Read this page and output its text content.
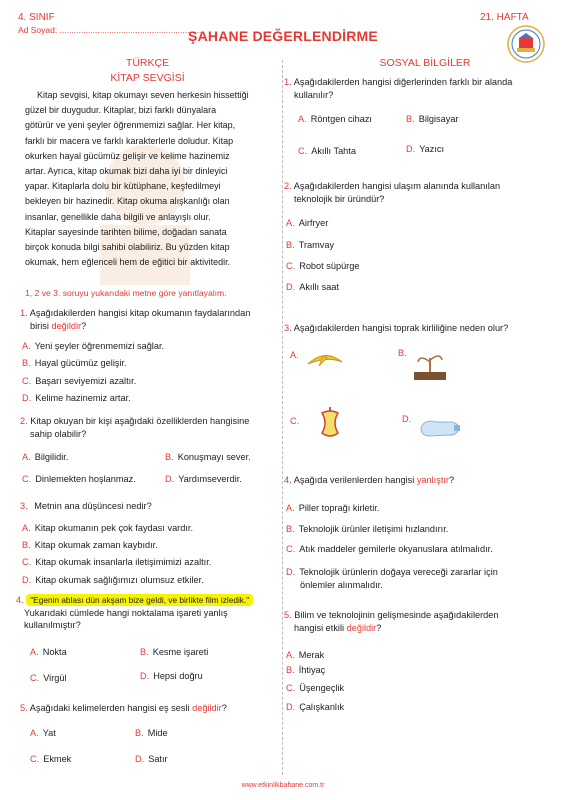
4. SINIF
Ad Soyad: .............................................................
ŞAHANE DEĞERLENDİRME
21. HAFTA
TÜRKÇE
KİTAP SEVGİSİ
Kitap sevgisi, kitap okumayı seven herkesin hissettiği
güzel bir duygudur. Kitaplar, bizi farklı dünyalara
götürür ve yeni şeyler öğrenmemizi sağlar. Her kitap,
farklı bir macera ve farklı karakterlerle doludur. Kitap
okurken hayal gücümüz gelişir ve kelime hazinemiz
artar. Ayrıca, kitap okumak bizi daha iyi bir dinleyici
yapar. Kitaplarla dolu bir kütüphane, keşfedilmeyi
bekleyen bir hazinedir. Kitap okuma alışkanlığı olan
insanlar, genellikle daha bilgili ve anlayışlı olur.
Kitaplar sayesinde tarihten bilime, doğadan sanata
birçok konuda bilgi sahibi olabiliriz. Bu yüzden kitap
okumak, hem eğlenceli hem de eğitici bir aktivitedir.
1, 2 ve 3. soruyu yukarıdaki metne göre yanıtlayalım.
1. Aşağıdakilerden hangisi kitap okumanın faydalarından
birisi değildir?
A. Yeni şeyler öğrenmemizi sağlar.
B. Hayal gücümüz gelişir.
C. Başarı seviyemizi azaltır.
D. Kelime hazinemiz artar.
2. Kitap okuyan bir kişi aşağıdaki özelliklerden hangisine
sahip olabilir?
A. Bilgilidir.	B. Konuşmayı sever.
C. Dinlemekten hoşlanmaz.	D. Yardımseverdir.
3. Metnin ana düşüncesi nedir?
A. Kitap okumanın pek çok faydası vardır.
B. Kitap okumak zaman kaybıdır.
C. Kitap okumak insanlarla iletişimimizi azaltır.
D. Kitap okumak sağlığımızı olumsuz etkiler.
4. "Egenin ablası dün akşam bize geldi, ve birlikte film izledik."
Yukarıdaki cümlede hangi noktalama işareti yanlış
kullanılmıştır?
A. Nokta	B. Kesme işareti
C. Virgül	D. Hepsi doğru
5. Aşağıdaki kelimelerden hangisi eş sesli değildir?
A. Yat	B. Mide
C. Ekmek	D. Satır
SOSYAL BİLGİLER
1. Aşağıdakilerden hangisi diğerlerinden farklı bir alanda
kullanılır?
A. Röntgen cihazı	B. Bilgisayar
C. Akıllı Tahta	D. Yazıcı
2. Aşağıdakilerden hangisi ulaşım alanında kullanılan
teknolojik bir üründür?
A. Airfryer
B. Tramvay
C. Robot süpürge
D. Akıllı saat
3. Aşağıdakilerden hangisi toprak kirliliğine neden olur?
A.	B.
C.	D.
4. Aşağıda verilenlerden hangisi yanlıştır?
A. Piller toprağı kirletir.
B. Teknolojik ürünler iletişimi hızlandırır.
C. Atık maddeler gemilerle okyanuslara atılmalıdır.
D. Teknolojik ürünlerin doğaya vereceği zararlar için
önlemler alınmalıdır.
5. Bilim ve teknolojinin gelişmesinde aşağıdakilerden
hangisi etkili değildir?
A. Merak
B. İhtiyaç
C. Üşengeçlik
D. Çalışkanlık
www.etkinlikbahane.com.tr
